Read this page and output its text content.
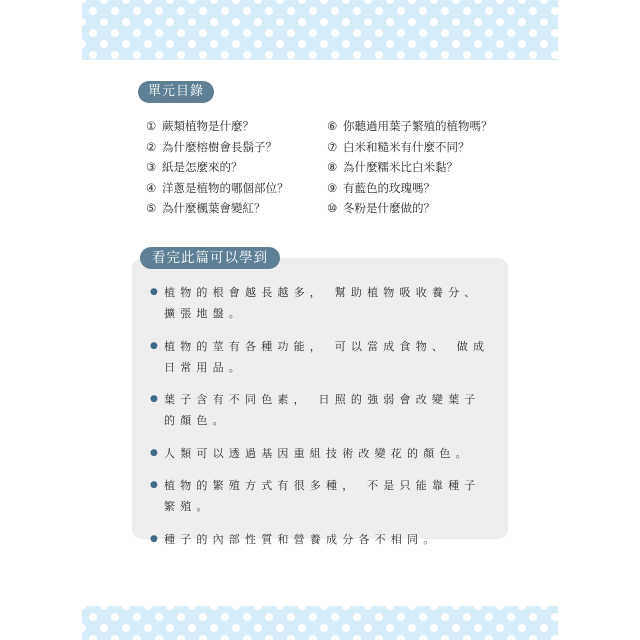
單元目錄
① 蕨類植物是什麼？
② 為什麼榕樹會長鬍子？
③ 紙是怎麼來的？
④ 洋蔥是植物的哪個部位？
⑤ 為什麼楓葉會變紅？
⑥ 你聽過用葉子繁殖的植物嗎？
⑦ 白米和糙米有什麼不同？
⑧ 為什麼糯米比白米黏？
⑨ 有藍色的玫瑰嗎？
⑩ 冬粉是什麼做的？
看完此篇可以學到
● 植物的根會越長越多， 幫助植物吸收養分、 擴張地盤。
● 植物的莖有各種功能， 可以當成食物、 做成日常用品。
● 葉子含有不同色素， 日照的強弱會改變葉子的顏色。
● 人類可以透過基因重組技術改變花的顏色。
● 植物的繁殖方式有很多種， 不是只能靠種子繁殖。
● 種子的內部性質和營養成分各不相同。
